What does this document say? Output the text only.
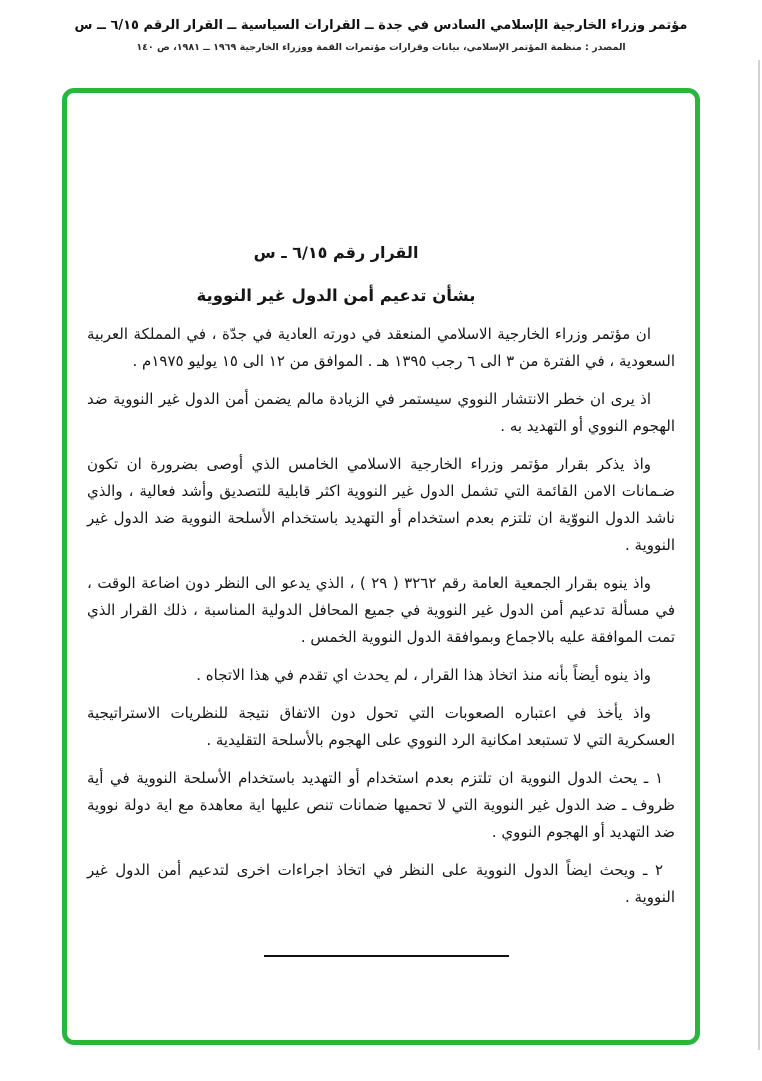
مؤتمر وزراء الخارجية الإسلامي السادس في جدة ــ القرارات السياسية ــ القرار الرقم ٦/١٥ ــ س
المصدر : منظمة المؤتمر الإسلامي، بيانات وقرارات مؤتمرات القمة ووزراء الخارجية ١٩٦٩ ــ ١٩٨١، ص ١٤٠
القرار رقم ٦/١٥ ـ س
بشأن تدعيم أمن الدول غير النووية

ان مؤتمر وزراء الخارجية الاسلامي المنعقد في دورته العادية في جدّة ، في المملكة العربية السعودية ، في الفترة من ٣ الى ٦ رجب ١٣٩٥ هـ . الموافق من ١٢ الى ١٥ يوليو ١٩٧٥م .

اذ يرى ان خطر الانتشار النووي سيستمر في الزيادة مالم يضمن أمن الدول غير النووية ضد الهجوم النووي أو التهديد به .

واذ يذكر بقرار مؤتمر وزراء الخارجية الاسلامي الخامس الذي أوصى بضرورة ان تكون ضـمانات الامن القائمة التي تشمل الدول غير النووية اكثر قابلية للتصديق وأشد فعالية ، والذي ناشد الدول النووّية ان تلتزم بعدم استخدام أو التهديد باستخدام الأسلحة النووية ضد الدول غير النووية .

واذ ينوه بقرار الجمعية العامة رقم ٣٢٦٢ ( ٢٩ ) ، الذي يدعو الى النظر دون اضاعة الوقت ، في مسألة تدعيم أمن الدول غير النووية في جميع المحافل الدولية المناسبة ، ذلك القرار الذي تمت الموافقة عليه بالاجماع وبموافقة الدول النووية الخمس .

واذ ينوه أيضاً بأنه منذ اتخاذ هذا القرار ، لم يحدث اي تقدم في هذا الاتجاه .

واذ يأخذ في اعتباره الصعوبات التي تحول دون الاتفاق نتيجة للنظريات الاستراتيجية العسكرية التي لا تستبعد امكانية الرد النووي على الهجوم بالأسلحة التقليدية .

١ ـ يحث الدول النووية ان تلتزم بعدم استخدام أو التهديد باستخدام الأسلحة النووية في أية ظروف ـ ضد الدول غير النووية التي لا تحميها ضمانات تنص عليها اية معاهدة مع اية دولة نووية ضد التهديد أو الهجوم النووي .

٢ ـ ويحث ايضاً الدول النووية على النظر في اتخاذ اجراءات اخرى لتدعيم أمن الدول غير النووية .
